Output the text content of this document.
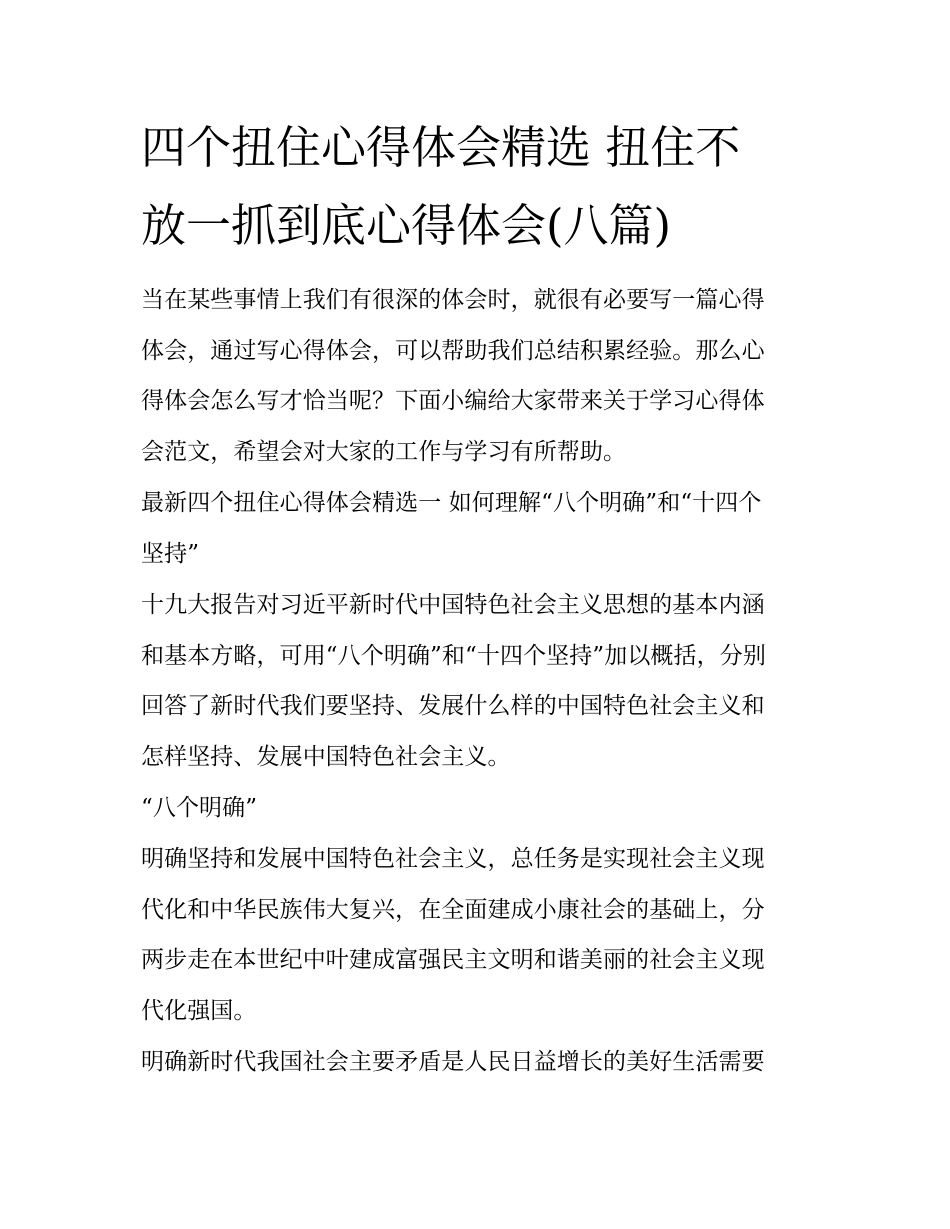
四个扭住心得体会精选 扭住不
放一抓到底心得体会(八篇)
当在某些事情上我们有很深的体会时，就很有必要写一篇心得
体会，通过写心得体会，可以帮助我们总结积累经验。那么心
得体会怎么写才恰当呢？下面小编给大家带来关于学习心得体
会范文，希望会对大家的工作与学习有所帮助。
最新四个扭住心得体会精选一 如何理解“八个明确”和“十四个
坚持”
十九大报告对习近平新时代中国特色社会主义思想的基本内涵
和基本方略，可用“八个明确”和“十四个坚持”加以概括，分别
回答了新时代我们要坚持、发展什么样的中国特色社会主义和
怎样坚持、发展中国特色社会主义。
“八个明确”
明确坚持和发展中国特色社会主义，总任务是实现社会主义现
代化和中华民族伟大复兴，在全面建成小康社会的基础上，分
两步走在本世纪中叶建成富强民主文明和谐美丽的社会主义现
代化强国。
明确新时代我国社会主要矛盾是人民日益增长的美好生活需要
